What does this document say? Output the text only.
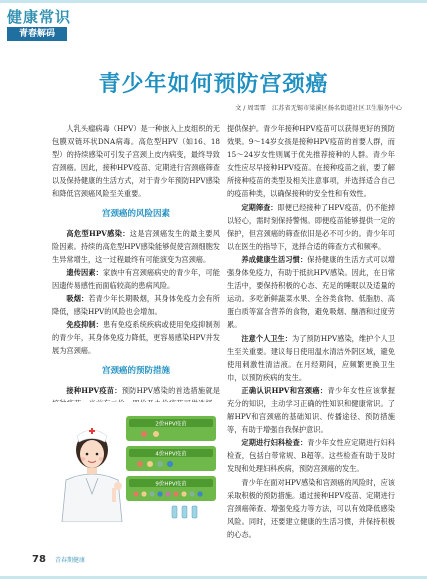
健康常识
青春解码
青少年如何预防宫颈癌
文 / 周雪霏　江苏省无锡市梁溪区扬名街道社区卫生服务中心

人乳头瘤病毒（HPV）是一种嵌入上皮组织的无包膜双链环状DNA病毒。高危型HPV（如16、18型）的持续感染可引发子宫颈上皮内病变，最终导致宫颈癌。因此，接种HPV疫苗、定期进行宫颈癌筛查以及保持健康的生活方式，对于青少年预防HPV感染和降低宫颈癌风险至关重要。

宫颈癌的风险因素

高危型HPV感染：这是宫颈癌发生的最主要风险因素。持续的高危型HPV感染能够促使宫颈细胞发生异常增生，这一过程最终有可能演变为宫颈癌。

遗传因素：家族中有宫颈癌病史的青少年，可能因遗传易感性而面临较高的患病风险。

吸烟：若青少年长期吸烟，其身体免疫力会有所降低，感染HPV的风险也会增加。

免疫抑制：患有免疫系统疾病或使用免疫抑制剂的青少年，其身体免疫力降低，更容易感染HPV并发展为宫颈癌。

宫颈癌的预防措施

接种HPV疫苗：预防HPV感染的首选措施就是

2价HPV疫苗
4价HPV疫苗
9价HPV疫苗

提供保护。青少年接种HPV疫苗可以获得更好的预防效果。9～14岁女孩是接种HPV疫苗的首要人群，而15～24岁女性则属于优先推荐接种的人群。青少年女性应尽早接种HPV疫苗。在接种疫苗之前，要了解所接种疫苗的类型及相关注意事项，并选择适合自己的疫苗种类，以确保接种的安全性和有效性。

定期筛查：即便已经接种了HPV疫苗，仍不能掉以轻心，需时刻保持警惕。即便疫苗能够提供一定的保护，但宫颈癌的筛查依旧是必不可少的。青少年可以在医生的指导下，选择合适的筛查方式和频率。

养成健康生活习惯：保持健康的生活方式可以增强身体免疫力，有助于抵抗HPV感染。因此，在日常生活中，要保持积极的心态、充足的睡眠以及适量的运动。多吃新鲜蔬菜水果、全谷类食物、低脂肪、高蛋白质等富含营养的食物，避免吸烟、酗酒和过度劳累。

注意个人卫生：为了预防HPV感染，维护个人卫生至关重要。建议每日使用温水清洁外阴区域，避免使用刺激性清洁液。在月经期间，应频繁更换卫生巾，以预防疾病的发生。

正确认识HPV和宫颈癌：青少年女性应该掌握充分的知识，主动学习正确的性知识和健康常识。了解HPV和宫颈癌的基础知识、传播途径、预防措施等，有助于增强自我保护意识。

定期进行妇科检查：青少年女性应定期进行妇科检查，包括白带常规、B超等。这些检查有助于及时发现和处理妇科疾病，预防宫颈癌的发生。

青少年在面对HPV感染和宫颈癌的风险时，应该采取积极的预防措施。通过接种HPV疫苗、定期进行宫颈癌筛查、增强免疫力等方法，可以有效降低感染风险。同时，还要建立健康的生活习惯，并保持积极的心态。

78 青春期健康
